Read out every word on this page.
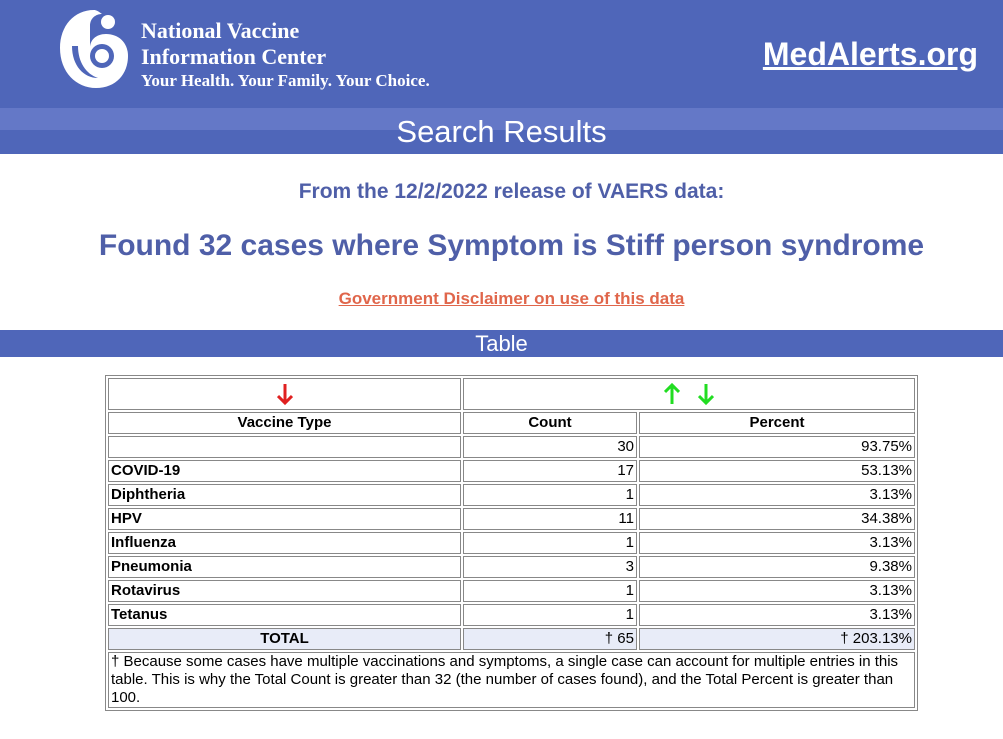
National Vaccine
Information Center
Your Health. Your Family. Your Choice.
MedAlerts.org
Search Results
From the 12/2/2022 release of VAERS data:
Found 32 cases where Symptom is Stiff person syndrome
Government Disclaimer on use of this data
Table

Vaccine Type	Count	Percent
	30	93.75%
COVID-19	17	53.13%
Diphtheria	1	3.13%
HPV	11	34.38%
Influenza	1	3.13%
Pneumonia	3	9.38%
Rotavirus	1	3.13%
Tetanus	1	3.13%
TOTAL	† 65	† 203.13%
† Because some cases have multiple vaccinations and symptoms, a single case can account for multiple entries in this table. This is why the Total Count is greater than 32 (the number of cases found), and the Total Percent is greater than 100.		
